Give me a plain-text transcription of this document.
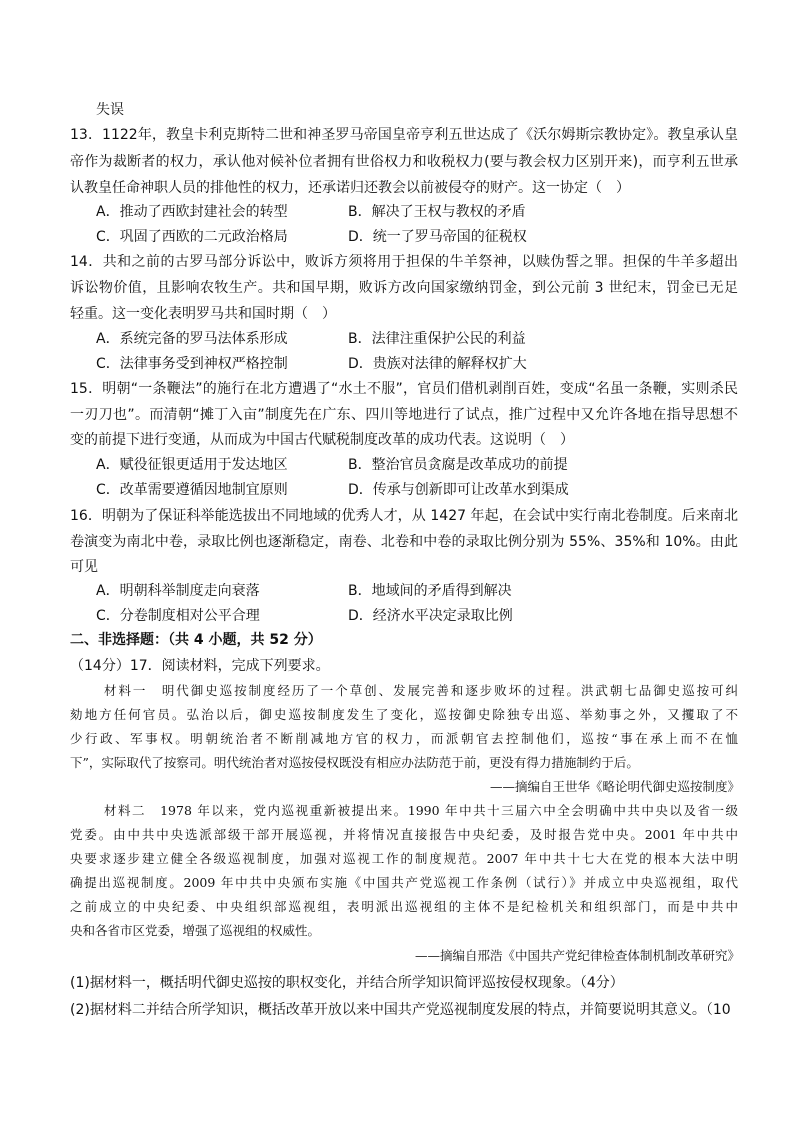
失误
13．1122年，教皇卡利克斯特二世和神圣罗马帝国皇帝亨利五世达成了《沃尔姆斯宗教协定》。教皇承认皇
帝作为裁断者的权力，承认他对候补位者拥有世俗权力和收税权力(要与教会权力区别开来)，而亨利五世承
认教皇任命神职人员的排他性的权力，还承诺归还教会以前被侵夺的财产。这一协定（　）
A．推动了西欧封建社会的转型	B．解决了王权与教权的矛盾
C．巩固了西欧的二元政治格局	D．统一了罗马帝国的征税权
14．共和之前的古罗马部分诉讼中，败诉方须将用于担保的牛羊祭神，以赎伪誓之罪。担保的牛羊多超出
诉讼物价值，且影响农牧生产。共和国早期，败诉方改向国家缴纳罚金，到公元前 3 世纪末，罚金已无足
轻重。这一变化表明罗马共和国时期（　）
A．系统完备的罗马法体系形成	B．法律注重保护公民的利益
C．法律事务受到神权严格控制	D．贵族对法律的解释权扩大
15．明朝“一条鞭法”的施行在北方遭遇了“水土不服”，官员们借机剥削百姓，变成“名虽一条鞭，实则杀民
一刃刀也”。而清朝“摊丁入亩”制度先在广东、四川等地进行了试点，推广过程中又允许各地在指导思想不
变的前提下进行变通，从而成为中国古代赋税制度改革的成功代表。这说明（　）
A．赋役征银更适用于发达地区	B．整治官员贪腐是改革成功的前提
C．改革需要遵循因地制宜原则	D．传承与创新即可让改革水到渠成
16．明朝为了保证科举能选拔出不同地域的优秀人才，从 1427 年起，在会试中实行南北卷制度。后来南北
卷演变为南北中卷，录取比例也逐渐稳定，南卷、北卷和中卷的录取比例分别为 55%、35%和 10%。由此
可见
A．明朝科举制度走向衰落	B．地域间的矛盾得到解决
C．分卷制度相对公平合理	D．经济水平决定录取比例
二、非选择题：（共 4 小题，共 52 分）
（14分）17．阅读材料，完成下列要求。
材料一　明代御史巡按制度经历了一个草创、发展完善和逐步败坏的过程。洪武朝七品御史巡按可纠
劾地方任何官员。弘治以后，御史巡按制度发生了变化，巡按御史除独专出巡、举劾事之外，又攫取了不
少行政、军事权。明朝统治者不断削减地方官的权力，而派朝官去控制他们，巡按“事在承上而不在恤
下”，实际取代了按察司。明代统治者对巡按侵权既没有相应办法防范于前，更没有得力措施制约于后。
——摘编自王世华《略论明代御史巡按制度》
材料二　1978 年以来，党内巡视重新被提出来。1990 年中共十三届六中全会明确中共中央以及省一级
党委。由中共中央选派部级干部开展巡视，并将情况直接报告中央纪委，及时报告党中央。2001 年中共中
央要求逐步建立健全各级巡视制度，加强对巡视工作的制度规范。2007 年中共十七大在党的根本大法中明
确提出巡视制度。2009 年中共中央颁布实施《中国共产党巡视工作条例（试行）》并成立中央巡视组，取代
之前成立的中央纪委、中央组织部巡视组，表明派出巡视组的主体不是纪检机关和组织部门，而是中共中
央和各省市区党委，增强了巡视组的权威性。
——摘编自邢浩《中国共产党纪律检查体制机制改革研究》
(1)据材料一，概括明代御史巡按的职权变化，并结合所学知识简评巡按侵权现象。（4分）
(2)据材料二并结合所学知识，概括改革开放以来中国共产党巡视制度发展的特点，并简要说明其意义。（10
